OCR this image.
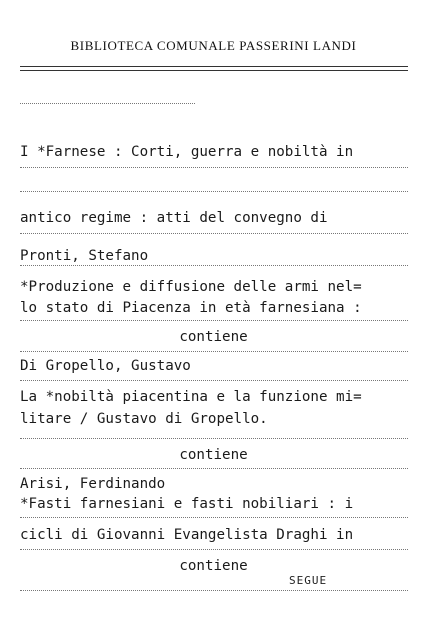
BIBLIOTECA COMUNALE PASSERINI LANDI
I *Farnese : Corti, guerra e nobiltà in
antico regime : atti del convegno di
Pronti, Stefano
*Produzione e diffusione delle armi nel=
lo stato di Piacenza in età farnesiana :
contiene
Di Gropello, Gustavo
La *nobiltà piacentina e la funzione mi=
litare / Gustavo di Gropello.
contiene
Arisi, Ferdinando
*Fasti farnesiani e fasti nobiliari : i
cicli di Giovanni Evangelista Draghi in
contiene
SEGUE
